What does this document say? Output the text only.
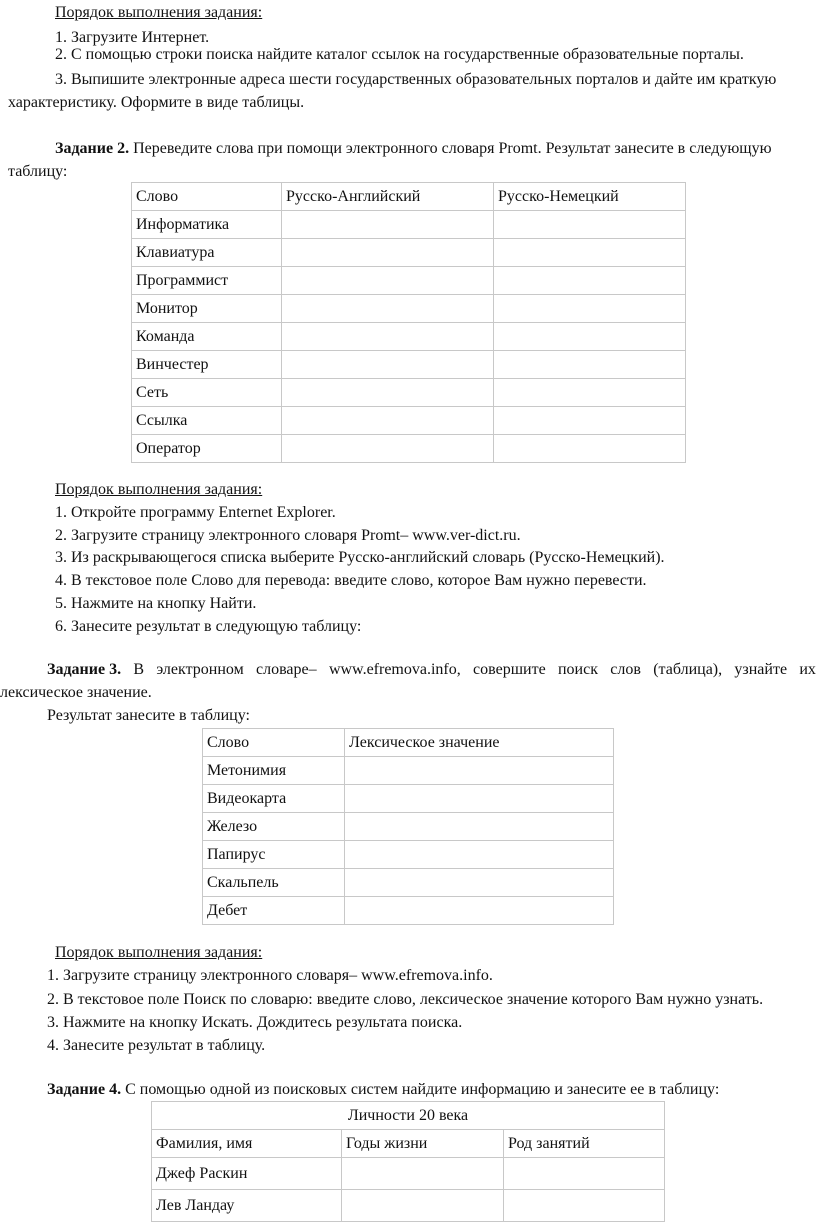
Порядок выполнения задания:
1. Загрузите Интернет.
2. С помощью строки поиска найдите каталог ссылок на государственные образовательные порталы.
3. Выпишите электронные адреса шести государственных образовательных порталов и дайте им краткую
характеристику. Оформите в виде таблицы.
Задание 2. Переведите слова при помощи электронного словаря Promt. Результат занесите в следующую
таблицу:
Слово	Русско-Английский	Русско-Немецкий
Информатика		
Клавиатура		
Программист		
Монитор		
Команда		
Винчестер		
Сеть		
Ссылка		
Оператор		
Порядок выполнения задания:
1. Откройте программу Enternet Explorer.
2. Загрузите страницу электронного словаря Promt– www.ver-dict.ru.
3. Из раскрывающегося списка выберите Русско-английский словарь (Русско-Немецкий).
4. В текстовое поле Слово для перевода: введите слово, которое Вам нужно перевести.
5. Нажмите на кнопку Найти.
6. Занесите результат в следующую таблицу:
Задание 3. В электронном словаре– www.efremova.info, совершите поиск слов (таблица), узнайте их
лексическое значение.
Результат занесите в таблицу:
Слово	Лексическое значение
Метонимия	
Видеокарта	
Железо	
Папирус	
Скальпель	
Дебет	
Порядок выполнения задания:
1. Загрузите страницу электронного словаря– www.efremova.info.
2. В текстовое поле Поиск по словарю: введите слово, лексическое значение которого Вам нужно узнать.
3. Нажмите на кнопку Искать. Дождитесь результата поиска.
4. Занесите результат в таблицу.
Задание 4. С помощью одной из поисковых систем найдите информацию и занесите ее в таблицу:
Личности 20 века		
Фамилия, имя	Годы жизни	Род занятий
Джеф Раскин		
Лев Ландау		
